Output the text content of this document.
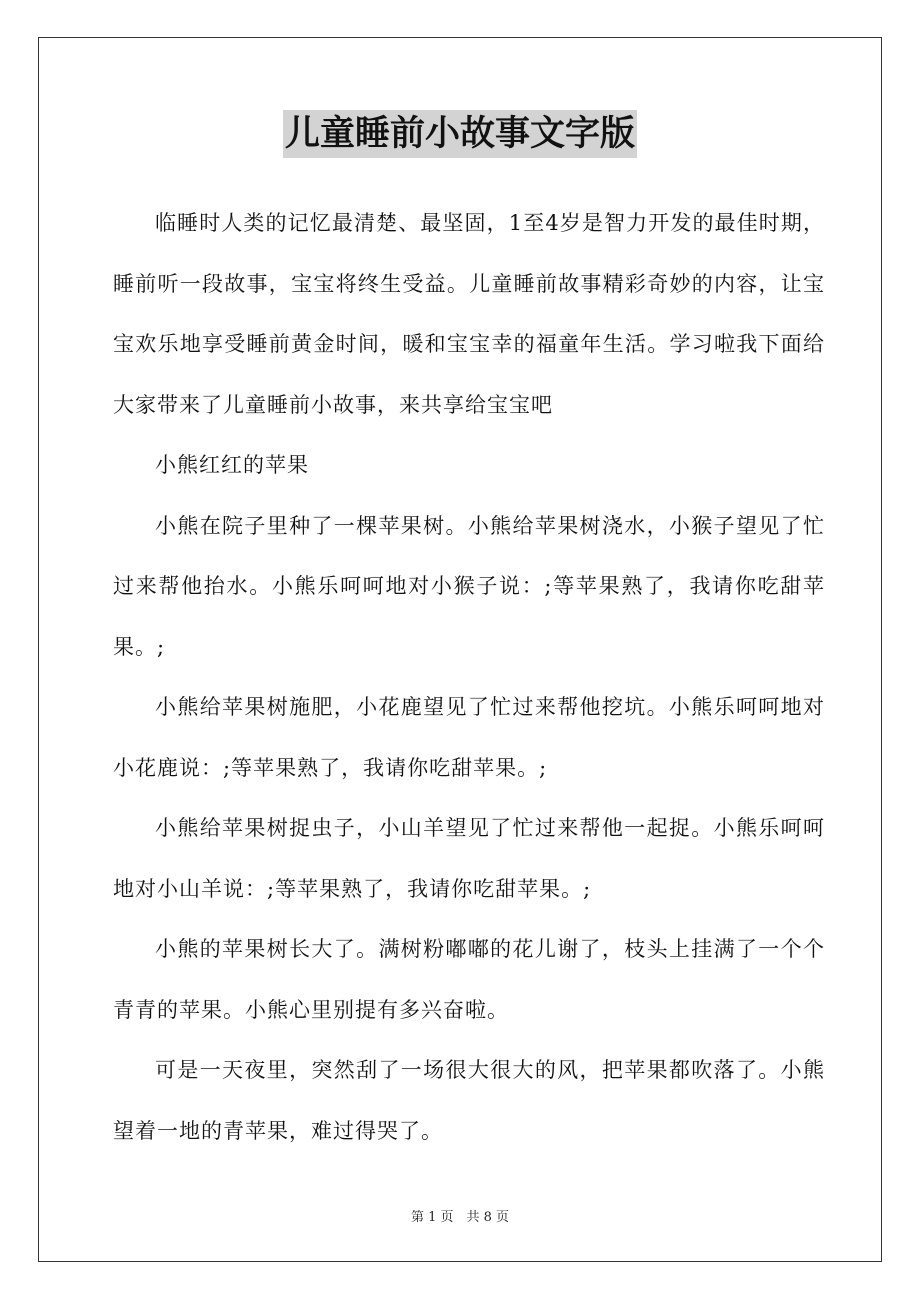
儿童睡前小故事文字版

临睡时人类的记忆最清楚、最坚固，1至4岁是智力开发的最佳时期，睡前听一段故事，宝宝将终生受益。儿童睡前故事精彩奇妙的内容，让宝宝欢乐地享受睡前黄金时间，暖和宝宝幸的福童年生活。学习啦我下面给大家带来了儿童睡前小故事，来共享给宝宝吧

小熊红红的苹果

小熊在院子里种了一棵苹果树。小熊给苹果树浇水，小猴子望见了忙过来帮他抬水。小熊乐呵呵地对小猴子说：;等苹果熟了，我请你吃甜苹果。;

小熊给苹果树施肥，小花鹿望见了忙过来帮他挖坑。小熊乐呵呵地对小花鹿说：;等苹果熟了，我请你吃甜苹果。;

小熊给苹果树捉虫子，小山羊望见了忙过来帮他一起捉。小熊乐呵呵地对小山羊说：;等苹果熟了，我请你吃甜苹果。;

小熊的苹果树长大了。满树粉嘟嘟的花儿谢了，枝头上挂满了一个个青青的苹果。小熊心里别提有多兴奋啦。

可是一天夜里，突然刮了一场很大很大的风，把苹果都吹落了。小熊望着一地的青苹果，难过得哭了。

第 1 页　共 8 页
